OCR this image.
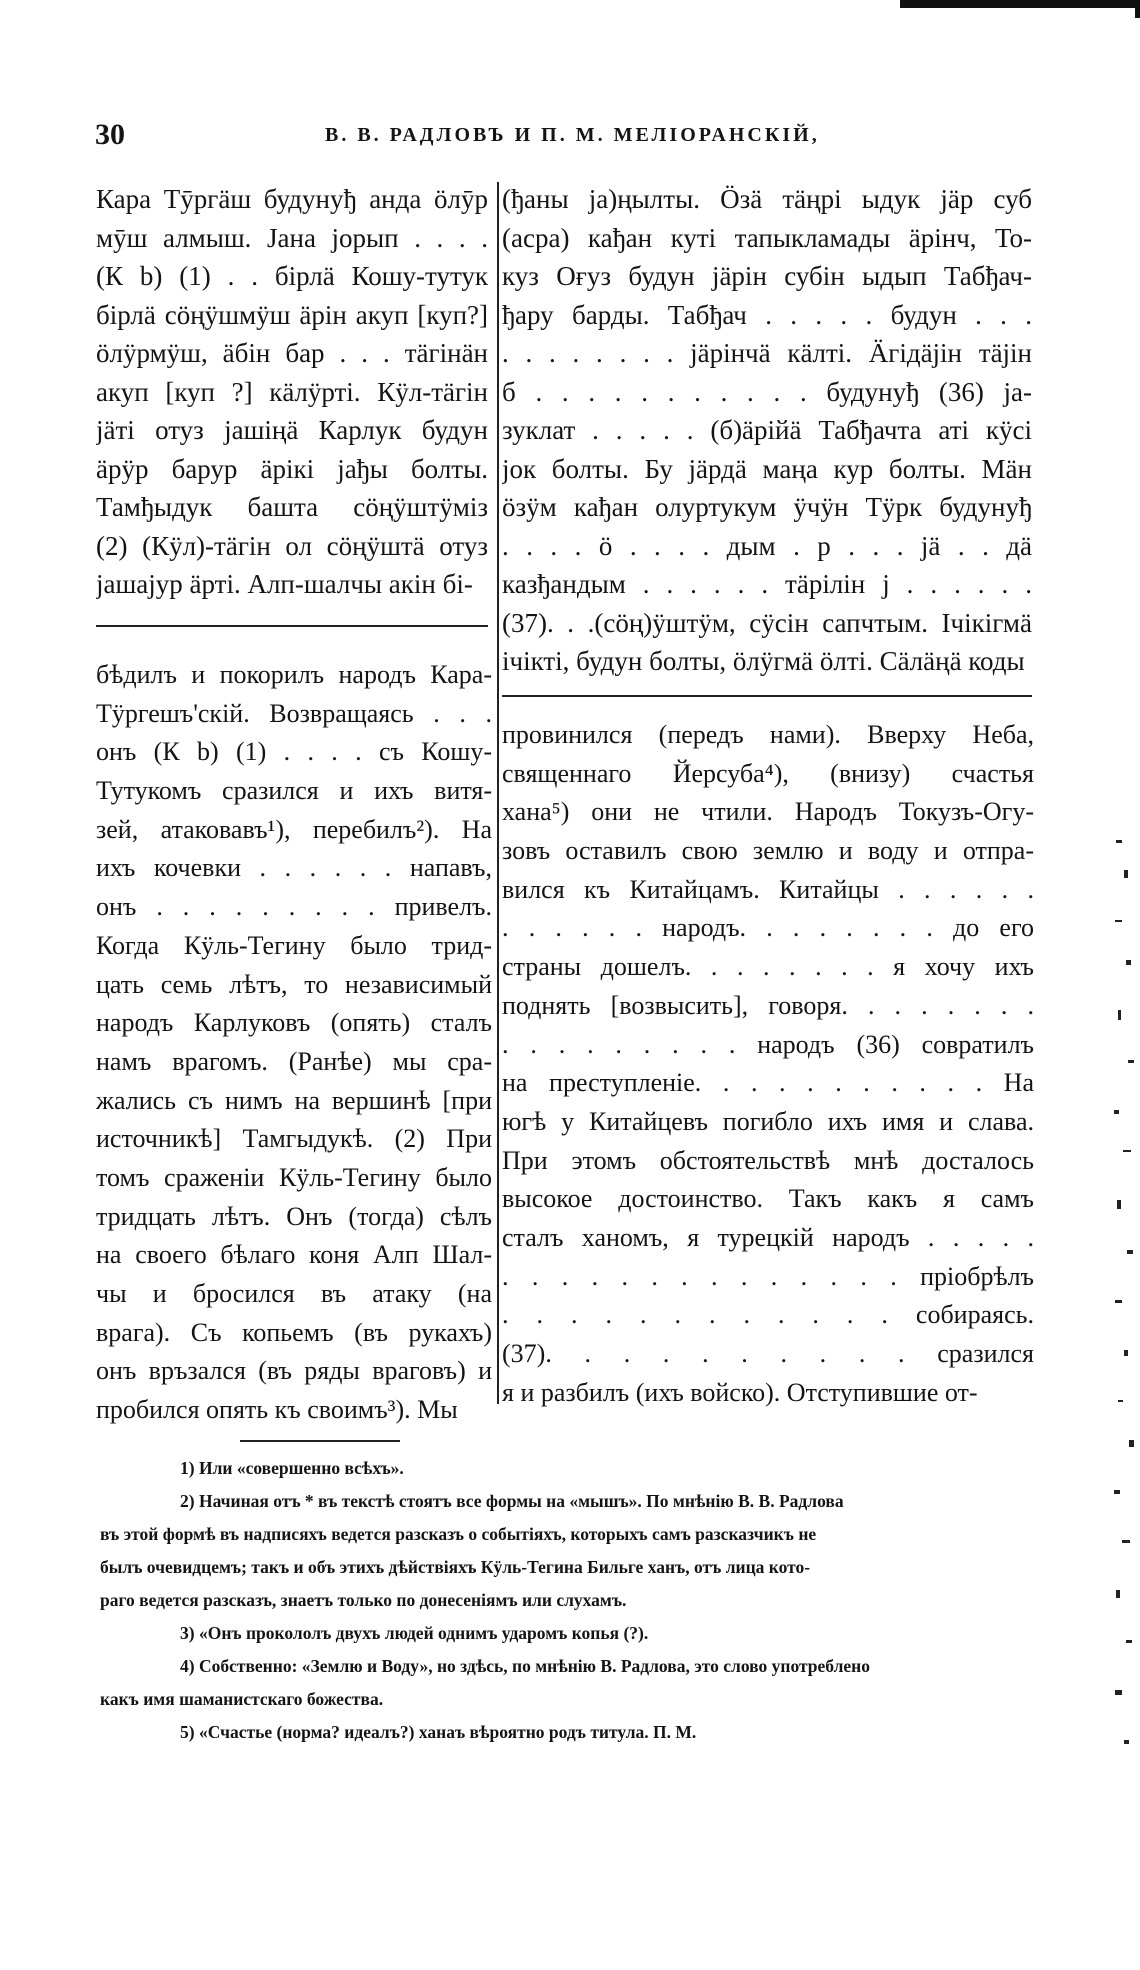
30	В. В. РАДЛОВЪ И П. М. МЕЛІОРАНСКІЙ,
Кара Тӯргӓш будунуђ анда ӧлӯр
мӯш алмыш. Јана јорып . . . .
(К b) (1) . . бірлӓ Кошу-тутук
бірлӓ сӧңӱшмӱш ӓрін акуп [куп?]
ӧлӱрмӱш, ӓбін бар . . . тӓгінӓн
акуп [куп ?] кӓлӱрті. Кӱл-тӓгін
јӓті отуз јашіңӓ Карлук будун
ӓрӱр барур ӓрікі јађы болты.
Тамђыдук башта сӧңӱштӱміз
(2) (Кӱл)-тӓгін ол сӧңӱштӓ отуз
јашајур ӓрті. Алп-шалчы акін бі-
(ђаны ја)ңылты. Ӧзӓ тӓңрі ыдук јӓр суб
(асра) кађан куті тапыкламады ӓрінч, То-
куз Оғуз будун јӓрін субін ыдып Табђач-
ђару барды. Табђач . . . . . будун . . .
. . . . . . . . јӓрінчӓ кӓлті. Ӓгідӓјін тӓјін
б . . . . . . . . . . . будунуђ (36) ја-
зуклат . . . . . (б)ӓрійӓ Табђачта аті кӱсі
јок болты. Бу јӓрдӓ маңа кур болты. Мӓн
ӧзӱм кађан олуртукум ӱчӱн Тӱрк будунуђ
. . . . ӧ . . . . дым . р . . . јӓ . . дӓ
казђандым . . . . . . тӓрілін ј . . . . . .
(37). . .(сӧң)ӱштӱм, сӱсін сапчтым. Ічікігмӓ
ічікті, будун болты, ӧлӱгмӓ ӧлті. Сӓлӓңӓ коды
бѣдилъ и покорилъ народъ Кара-
Тӱргешъ'скій. Возвращаясь . . .
онъ (К b) (1) . . . . съ Кошу-
Тутукомъ сразился и ихъ витя-
зей, атаковавъ¹), перебилъ²). На
ихъ кочевки . . . . . . напавъ,
онъ . . . . . . . . . привелъ.
Когда Кӱль-Тегину было трид-
цать семь лѣтъ, то независимый
народъ Карлуковъ (опять) сталъ
намъ врагомъ. (Ранѣе) мы сра-
жались съ нимъ на вершинѣ [при
источникѣ] Тамгыдукѣ. (2) При
томъ сраженіи Кӱль-Тегину было
тридцать лѣтъ. Онъ (тогда) сѣлъ
на своего бѣлаго коня Алп Шал-
чы и бросился въ атаку (на
врага). Съ копьемъ (въ рукахъ)
онъ връзался (въ ряды враговъ) и
пробился опять къ своимъ³). Мы
провинился (передъ нами). Вверху Неба,
священнаго Йерсуба⁴), (внизу) счастья
хана⁵) они не чтили. Народъ Токузъ-Огу-
зовъ оставилъ свою землю и воду и отпра-
вился къ Китайцамъ. Китайцы . . . . . .
. . . . . . народъ. . . . . . . . до его
страны дошелъ. . . . . . . . я хочу ихъ
поднять [возвысить], говоря. . . . . . . .
. . . . . . . . . народъ (36) совратилъ
на преступленіе. . . . . . . . . . . На
югѣ у Китайцевъ погибло ихъ имя и слава.
При этомъ обстоятельствѣ мнѣ досталось
высокое достоинство. Такъ какъ я самъ
сталъ ханомъ, я турецкій народъ . . . . .
. . . . . . . . . . . . . . пріобрѣлъ
. . . . . . . . . . . . собираясь.
(37). . . . . . . . . . сразился
я и разбилъ (ихъ войско). Отступившие от-
1) Или «совершенно всѣхъ».
2) Начиная отъ * въ текстѣ стоятъ все формы на «мышъ». По мнѣнію В. В. Радлова
въ этой формѣ въ надписяхъ ведется разсказъ о событіяхъ, которыхъ самъ разсказчикъ не
былъ очевидцемъ; такъ и объ этихъ дѣйствіяхъ Кӱль-Тегина Бильге ханъ, отъ лица кото-
раго ведется разсказъ, знаетъ только по донесеніямъ или слухамъ.
3) «Онъ прокололъ двухъ людей однимъ ударомъ копья (?).
4) Собственно: «Землю и Воду», но здѣсь, по мнѣнію В. Радлова, это слово употреблено
какъ имя шаманистскаго божества.
5) «Счастье (норма? идеалъ?) ханаъ вѣроятно родъ титула. П. М.
